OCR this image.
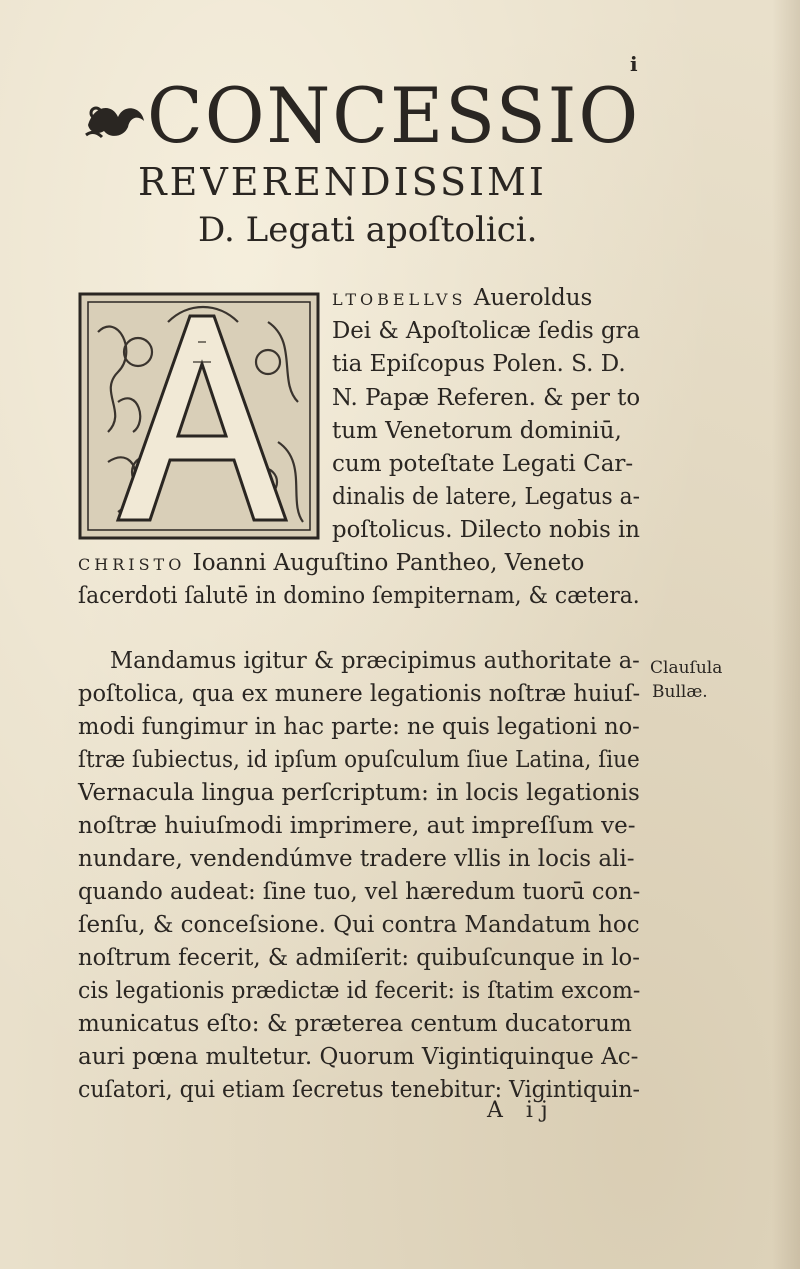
i
CONCESSIO
REVERENDISSIMI
D. Legati apoſtolici.
LTOBELLVS Aueroldus
Dei & Apoſtolicæ ſedis gra
tia Epiſcopus Polen. S. D.
N. Papæ Referen. & per to
tum Venetorum dominiū,
cum poteſtate Legati Car-
dinalis de latere, Legatus a-
poſtolicus. Dilecto nobis in
CHRISTO Ioanni Auguſtino Pantheo, Veneto
ſacerdoti ſalutē in domino ſempiternam, & cætera.
Mandamus igitur & præcipimus authoritate a-
poſtolica, qua ex munere legationis noſtræ huiuſ-
modi fungimur in hac parte: ne quis legationi no-
ſtræ ſubiectus, id ipſum opuſculum ſiue Latina, ſiue
Vernacula lingua perſcriptum: in locis legationis
noſtræ huiuſmodi imprimere, aut impreſſum ve-
nundare, vendendúmve tradere vllis in locis ali-
quando audeat: ſine tuo, vel hæredum tuorū con-
ſenſu, & conceſsione. Qui contra Mandatum hoc
noſtrum fecerit, & admiſerit: quibuſcunque in lo-
cis legationis prædictæ id fecerit: is ſtatim excom-
municatus eſto: & præterea centum ducatorum
auri pœna multetur. Quorum Vigintiquinque Ac-
cuſatori, qui etiam ſecretus tenebitur: Vigintiquin-
Clauſula
Bullæ.
A ij
